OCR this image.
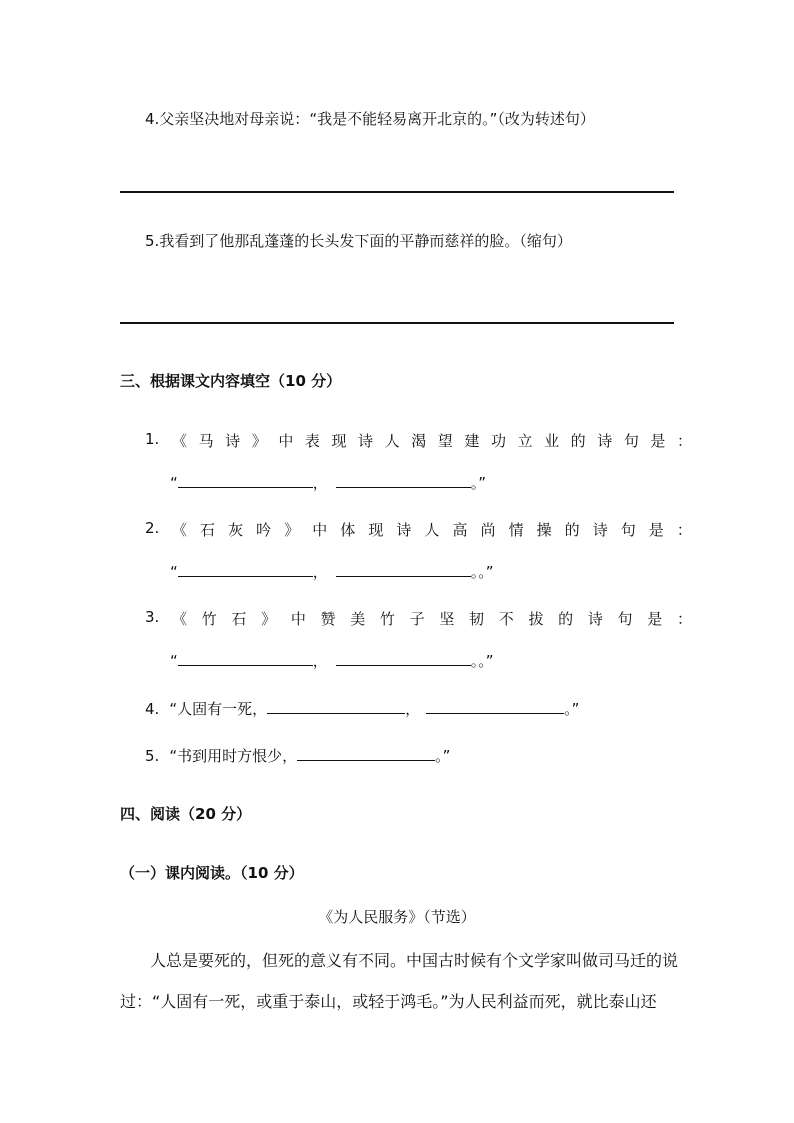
4.父亲坚决地对母亲说：“我是不能轻易离开北京的。”（改为转述句）
5.我看到了他那乱蓬蓬的长头发下面的平静而慈祥的脸。（缩句）
三、根据课文内容填空（10 分）
1. 《 马 诗 》 中 表 现 诗 人 渴 望 建 功 立 业 的 诗 句 是 ：
“	，	。”
2. 《 石 灰 吟 》 中 体 现 诗 人 高 尚 情 操 的 诗 句 是 ：
“	，	。。”
3. 《 竹 石 》 中 赞 美 竹 子 坚 韧 不 拔 的 诗 句 是 ：
“	，	。。”
4. “人固有一死，	，	。”
5. “书到用时方恨少，	。”
四、阅读（20 分）
（一）课内阅读。（10 分）
《为人民服务》（节选）
人总是要死的，但死的意义有不同。中国古时候有个文学家叫做司马迁的说
过：“人固有一死，或重于泰山，或轻于鸿毛。”为人民利益而死，就比泰山还
